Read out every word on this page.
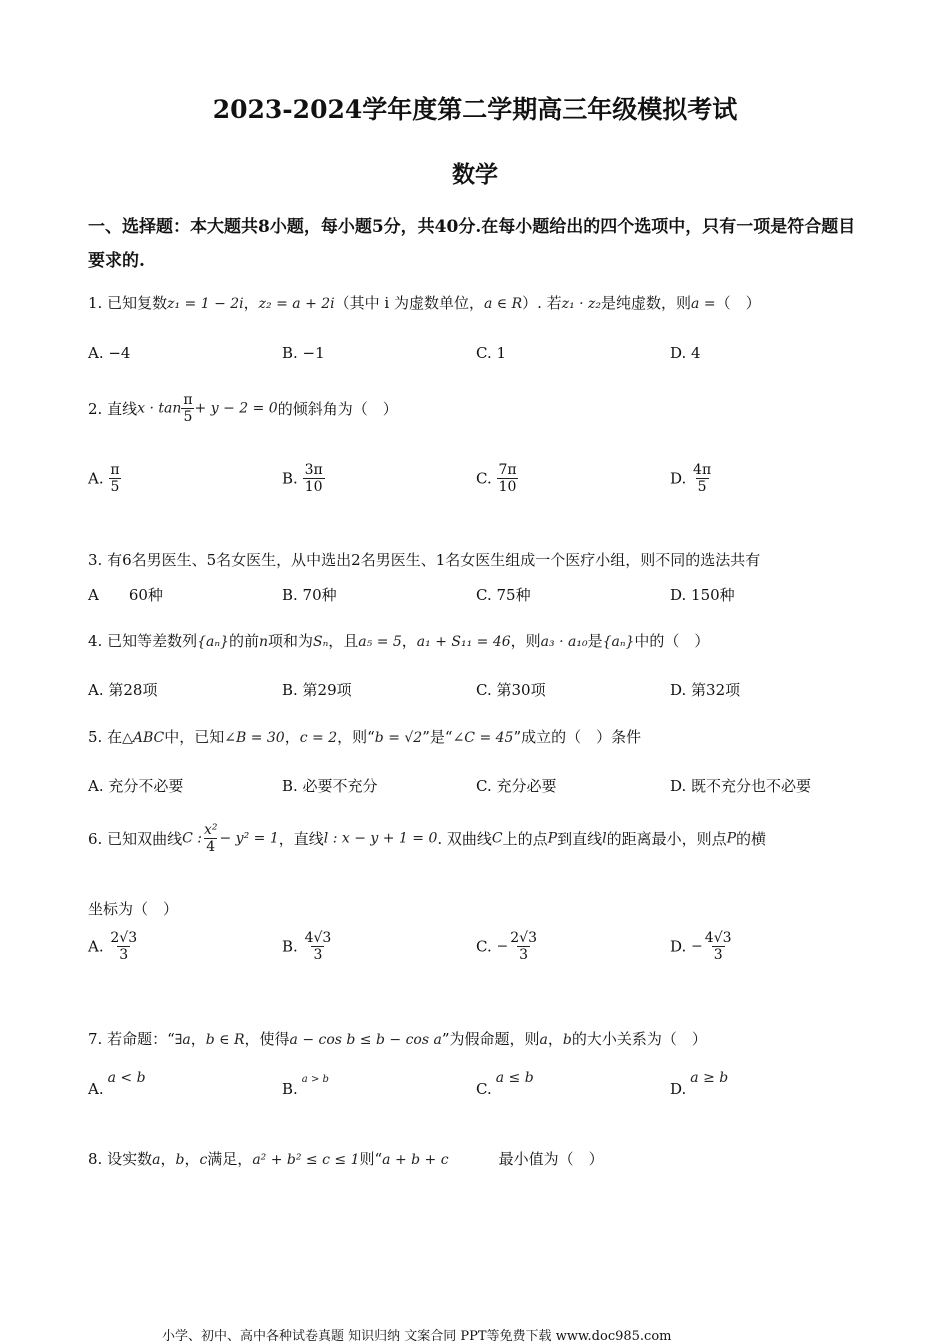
2023-2024学年度第二学期高三年级模拟考试
数学
一、选择题：本大题共8小题，每小题5分，共40分.在每小题给出的四个选项中，只有一项是符合题目要求的.
1. 已知复数z₁ = 1 − 2i，z₂ = a + 2i（其中 i 为虚数单位，a ∈ R）. 若z₁ · z₂是纯虚数，则a =（　）
A. −4	B. −1	C. 1	D. 4
2. 直线$x \cdot \tan \frac{\pi}{5} + y - 2 = 0$的倾斜角为（　）
A. $\frac{\pi}{5}$	B. $\frac{3\pi}{10}$	C. $\frac{7\pi}{10}$	D. $\frac{4\pi}{5}$
3. 有6名男医生、5名女医生，从中选出2名男医生、1名女医生组成一个医疗小组，则不同的选法共有
A　　60种	B. 70种	C. 75种	D. 150种
4. 已知等差数列{aₙ}的前n项和为Sₙ，且a₅ = 5，a₁ + S₁₁ = 46，则a₃ · a₁₀是{aₙ}中的（　）
A. 第28项	B. 第29项	C. 第30项	D. 第32项
5. 在△ABC中，已知∠B = 30，c = 2，则“b = √2”是“∠C = 45”成立的（　）条件
A. 充分不必要	B. 必要不充分	C. 充分必要	D. 既不充分也不必要
6. 已知双曲线C : $\frac{\text{x²}}{4} - y^2 = 1$，直线l : x − y + 1 = 0. 双曲线C上的点P到直线l的距离最小，则点P的横
坐标为（　）
A. $\frac{2√3}{3}$	B. $\frac{4√3}{3}$	C. − $\frac{2√3}{3}$	D. − $\frac{4√3}{3}$
7. 若命题：“∃a，b ∈ R，使得a − cos b ≤ b − cos a”为假命题，则a，b的大小关系为（　）
A.a < b
B.$^{a > b}$
C.a ≤ b
D.a ≥ b
8. 设实数a，b，c满足，a² + b² ≤ c ≤ 1则“a + b + c	最小值为（　）
小学、初中、高中各种试卷真题 知识归纳 文案合同 PPT等免费下载 www.doc985.com
